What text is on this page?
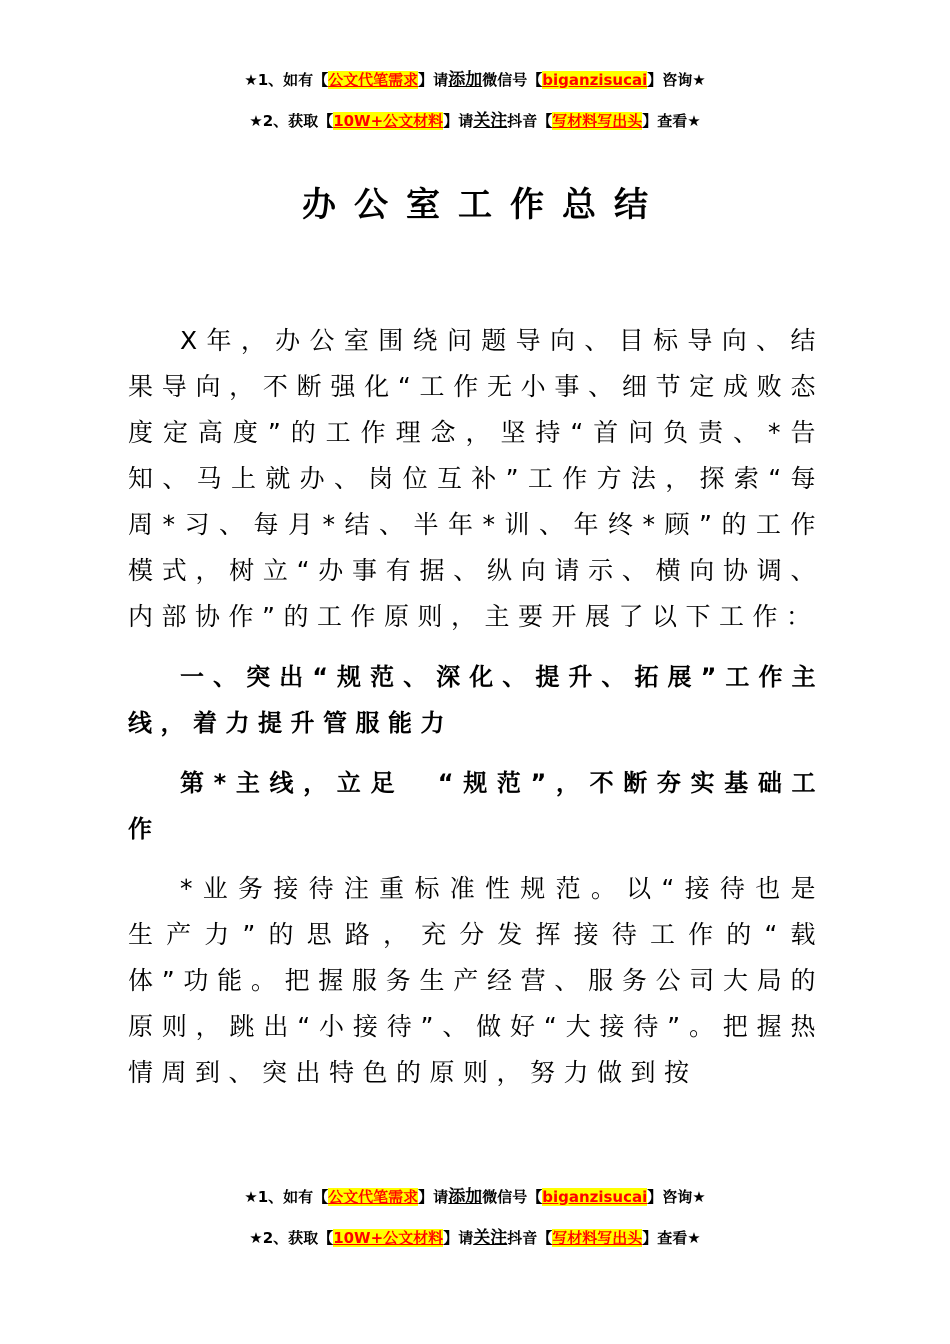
★1、如有【公文代笔需求】请添加微信号【biganzisucai】咨询★
★2、获取【10W+公文材料】请关注抖音【写材料写出头】查看★
办公室工作总结

X年，办公室围绕问题导向、目标导向、结果导向，不断强化“工作无小事、细节定成败态度定高度”的工作理念，坚持“首问负责、*告知、马上就办、岗位互补”工作方法，探索“每周*习、每月*结、半年*训、年终*顾”的工作模式，树立“办事有据、纵向请示、横向协调、内部协作”的工作原则，主要开展了以下工作：

一、突出“规范、深化、提升、拓展”工作主线，着力提升管服能力

第*主线，立足　“规范”，不断夯实基础工作

*业务接待注重标准性规范。以“接待也是生产力”的思路，充分发挥接待工作的“载体”功能。把握服务生产经营、服务公司大局的原则，跳出“小接待”、做好“大接待”。把握热情周到、突出特色的原则，努力做到按

★1、如有【公文代笔需求】请添加微信号【biganzisucai】咨询★
★2、获取【10W+公文材料】请关注抖音【写材料写出头】查看★
